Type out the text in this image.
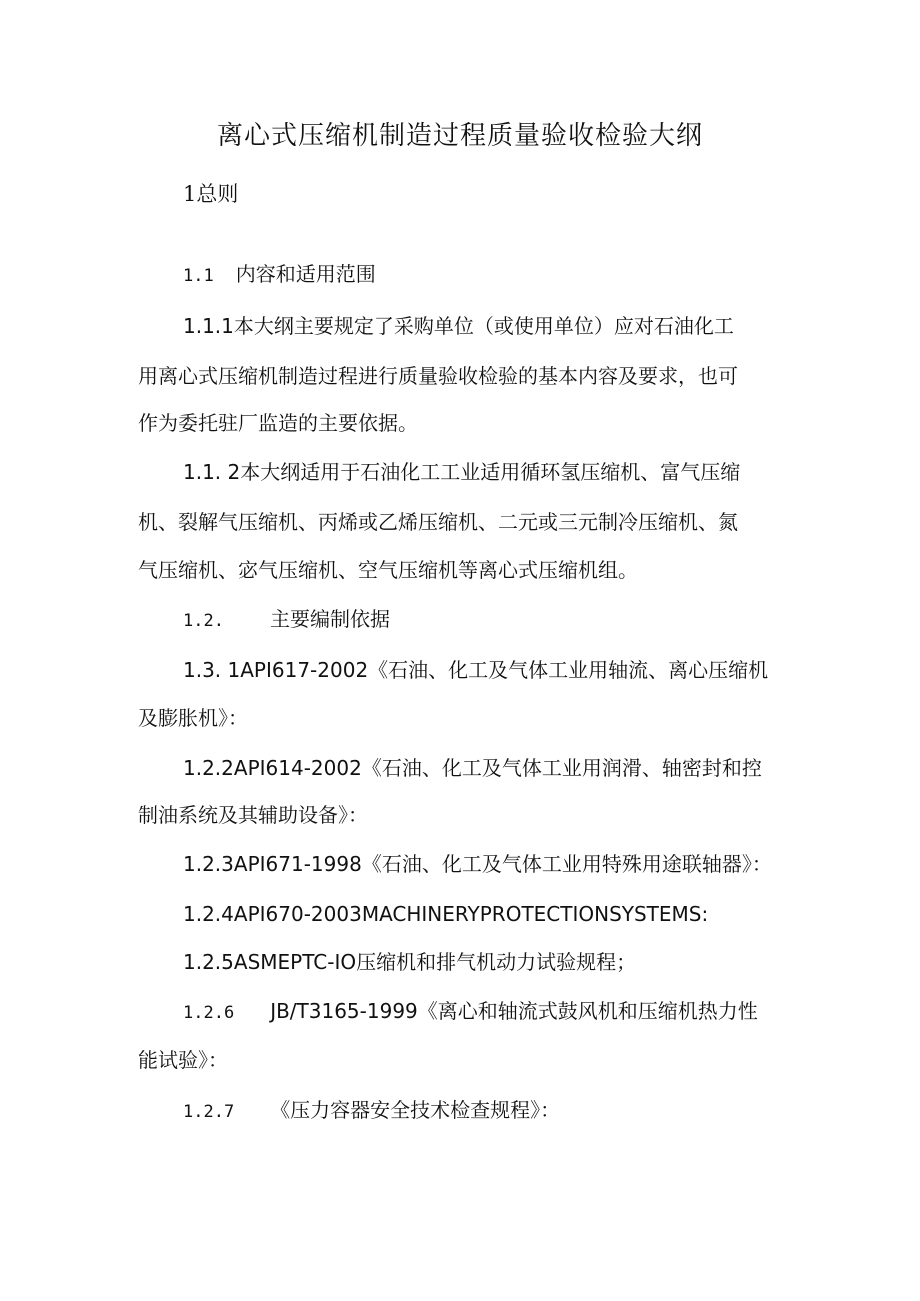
离心式压缩机制造过程质量验收检验大纲
1总则
1.1 内容和适用范围
1.1.1本大纲主要规定了采购单位（或使用单位）应对石油化工
用离心式压缩机制造过程进行质量验收检验的基本内容及要求，也可
作为委托驻厂监造的主要依据。
1.1. 2本大纲适用于石油化工工业适用循环氢压缩机、富气压缩
机、裂解气压缩机、丙烯或乙烯压缩机、二元或三元制冷压缩机、氮
气压缩机、宓气压缩机、空气压缩机等离心式压缩机组。
1.2. 主要编制依据
1.3. 1API617-2002《石油、化工及气体工业用轴流、离心压缩机
及膨胀机》：
1.2.2API614-2002《石油、化工及气体工业用润滑、轴密封和控
制油系统及其辅助设备》：
1.2.3API671-1998《石油、化工及气体工业用特殊用途联轴器》：
1.2.4API670-2003MACHINERYPROTECTIONSYSTEMS:
1.2.5ASMEPTC-IO压缩机和排气机动力试验规程；
1.2.6 JB/T3165-1999《离心和轴流式鼓风机和压缩机热力性
能试验》：
1.2.7 《压力容器安全技术检查规程》：
